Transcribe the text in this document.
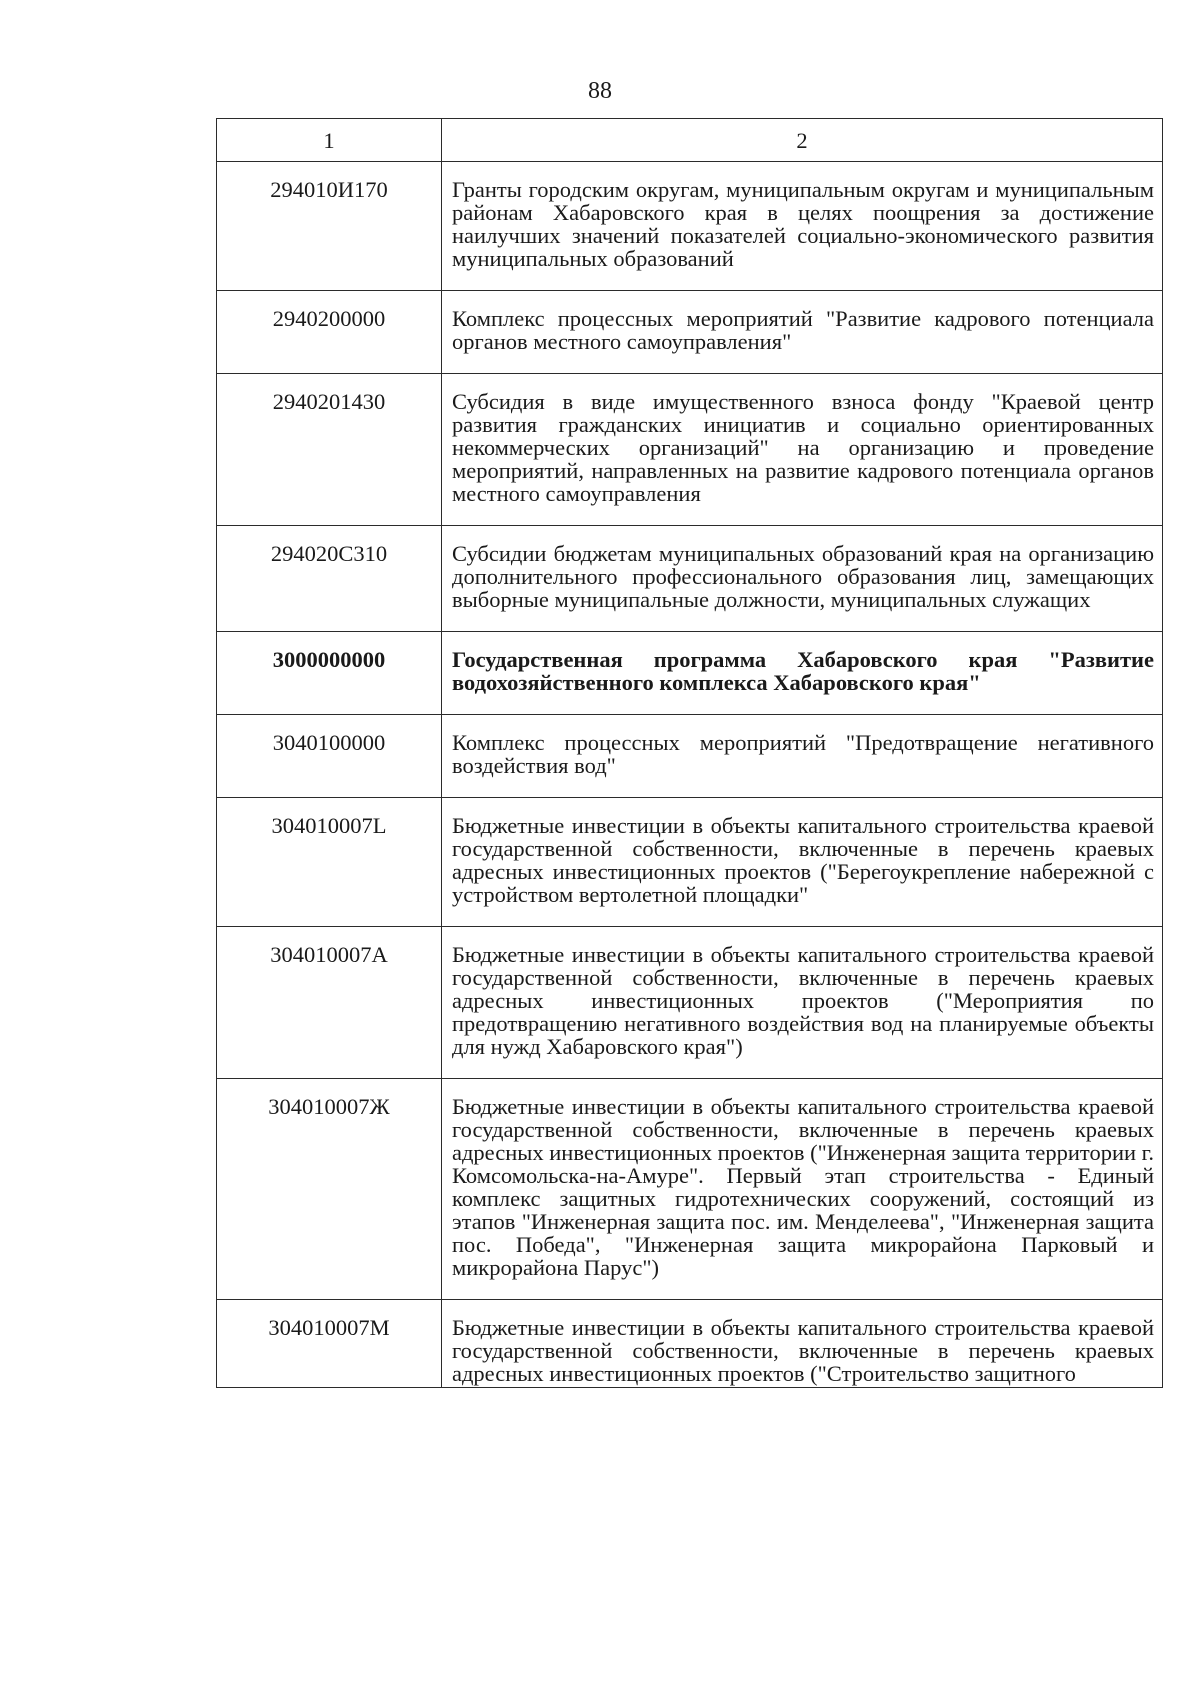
88
1	2
294010И170	Гранты городским округам, муниципальным округам и муниципальным районам Хабаровского края в целях поощрения за достижение наилучших значений показателей социально-экономического развития муниципальных образований
2940200000	Комплекс процессных мероприятий "Развитие кадрового потенциала органов местного самоуправления"
2940201430	Субсидия в виде имущественного взноса фонду "Краевой центр развития гражданских инициатив и социально ориентированных некоммерческих организаций" на организацию и проведение мероприятий, направленных на развитие кадрового потенциала органов местного самоуправления
294020С310	Субсидии бюджетам муниципальных образований края на организацию дополнительного профессионального образования лиц, замещающих выборные муниципальные должности, муниципальных служащих
3000000000	Государственная программа Хабаровского края "Развитие водохозяйственного комплекса Хабаровского края"
3040100000	Комплекс процессных мероприятий "Предотвращение негативного воздействия вод"
304010007L	Бюджетные инвестиции в объекты капитального строительства краевой государственной собственности, включенные в перечень краевых адресных инвестиционных проектов ("Берегоукрепление набережной с устройством вертолетной площадки"
304010007А	Бюджетные инвестиции в объекты капитального строительства краевой государственной собственности, включенные в перечень краевых адресных инвестиционных проектов ("Мероприятия по предотвращению негативного воздействия вод на планируемые объекты для нужд Хабаровского края")
304010007Ж	Бюджетные инвестиции в объекты капитального строительства краевой государственной собственности, включенные в перечень краевых адресных инвестиционных проектов ("Инженерная защита территории г. Комсомольска-на-Амуре". Первый этап строительства - Единый комплекс защитных гидротехнических сооружений, состоящий из этапов "Инженерная защита пос. им. Менделеева", "Инженерная защита пос. Победа", "Инженерная защита микрорайона Парковый и микрорайона Парус")
304010007М	Бюджетные инвестиции в объекты капитального строительства краевой государственной собственности, включенные в перечень краевых адресных инвестиционных проектов ("Строительство защитного
